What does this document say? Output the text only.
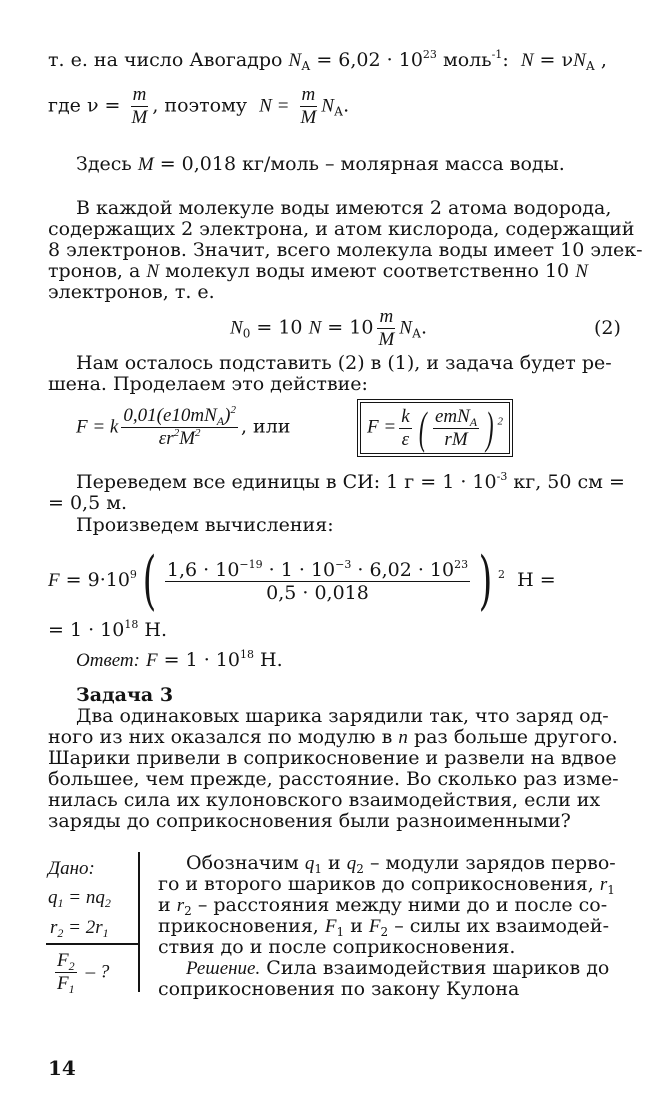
т. е. на число Авогадро $N_А = 6,02 \cdot 10^{23}$ моль$^{-1}$: $N = \nu N_А$ ,
где $\nu = \frac{m}{M}$ , поэтому $N = \frac{m}{M} N_А$.
Здесь M = 0,018 кг/моль – молярная масса воды.
В каждой молекуле воды имеются 2 атома водорода,
содержащих 2 электрона, и атом кислорода, содержащий
8 электронов. Значит, всего молекула воды имеет 10 элек-
тронов, а N молекул воды имеют соответственно 10 N
электронов, т. е.
$N_0 = 10$ $N = 10 \frac{m}{M} N_А$.	(2)
Нам осталось подставить (2) в (1), и задача будет ре-
шена. Проделаем это действие:
F = k $\frac{0,01(e10mN_A)^2}{\varepsilon r^2M^2}$ , или	$F = \frac{k}{\varepsilon}$ ( $\frac{emN_A}{rM}$ ) $^2$
Переведем все единицы в СИ: 1 $г = 1 \cdot 10^{-3}$ кг, 50 см =
= 0,5 м.
Произведем вычисления:
$F = 9\cdot 10^9( \frac{1,6 \cdot 10^{-19} \cdot 1 \cdot 10^{-3} \cdot 6,02 \cdot 10^{23}}{0,5 \cdot 0,018}$ ) $^2$ Н =
= $1 \cdot 10^{18}$ Н.
Ответ: $F = 1 \cdot 10^{18}$ Н.
Задача 3
Два одинаковых шарика зарядили так, что заряд од-
ного из них оказался по модулю в n раз больше другого.
Шарики привели в соприкосновение и развели на вдвое
большее, чем прежде, расстояние. Во сколько раз изме-
нилась сила их кулоновского взаимодействия, если их
заряды до соприкосновения были разноименными?
Дано:
$q_1 = nq_2$
$r_2 = 2r_1$
$\frac{F_2}{F_1}$ – ?
Обозначим $q_1$ и $q_2$ – модули зарядов перво-
го и второго шариков до соприкосновения, $r_1$
и $r_2$ – расстояния между ними до и после со-
прикосновения, $F_1$ и $F_2$ – силы их взаимодей-
ствия до и после соприкосновения.
Решение. Сила взаимодействия шариков до
соприкосновения по закону Кулона
14
